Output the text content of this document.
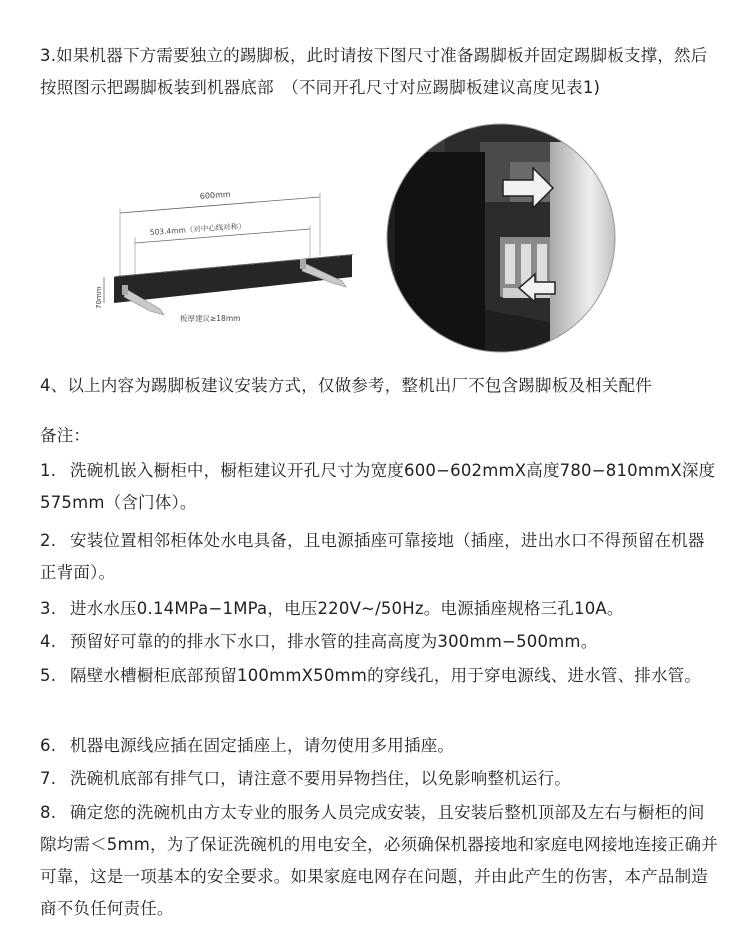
3.如果机器下方需要独立的踢脚板，此时请按下图尺寸准备踢脚板并固定踢脚板支撑，然后按照图示把踢脚板装到机器底部　（不同开孔尺寸对应踢脚板建议高度见表1)

600mm
503.4mm（对中心线对称）
70mm
板厚建议≥18mm

4、以上内容为踢脚板建议安装方式，仅做参考，整机出厂不包含踢脚板及相关配件

备注：

1. 洗碗机嵌入橱柜中，橱柜建议开孔尺寸为宽度600−602mmX高度780−810mmX深度575mm（含门体）。

2. 安装位置相邻柜体处水电具备，且电源插座可靠接地（插座，进出水口不得预留在机器正背面）。

3. 进水水压0.14MPa−1MPa，电压220V~/50Hz。电源插座规格三孔10A。

4. 预留好可靠的的排水下水口，排水管的挂高高度为300mm−500mm。

5. 隔壁水槽橱柜底部预留100mmX50mm的穿线孔，用于穿电源线、进水管、排水管。

6. 机器电源线应插在固定插座上，请勿使用多用插座。

7. 洗碗机底部有排气口，请注意不要用异物挡住，以免影响整机运行。

8. 确定您的洗碗机由方太专业的服务人员完成安装，且安装后整机顶部及左右与橱柜的间隙均需＜5mm，为了保证洗碗机的用电安全，必须确保机器接地和家庭电网接地连接正确并可靠，这是一项基本的安全要求。如果家庭电网存在问题，并由此产生的伤害，本产品制造商不负任何责任。
